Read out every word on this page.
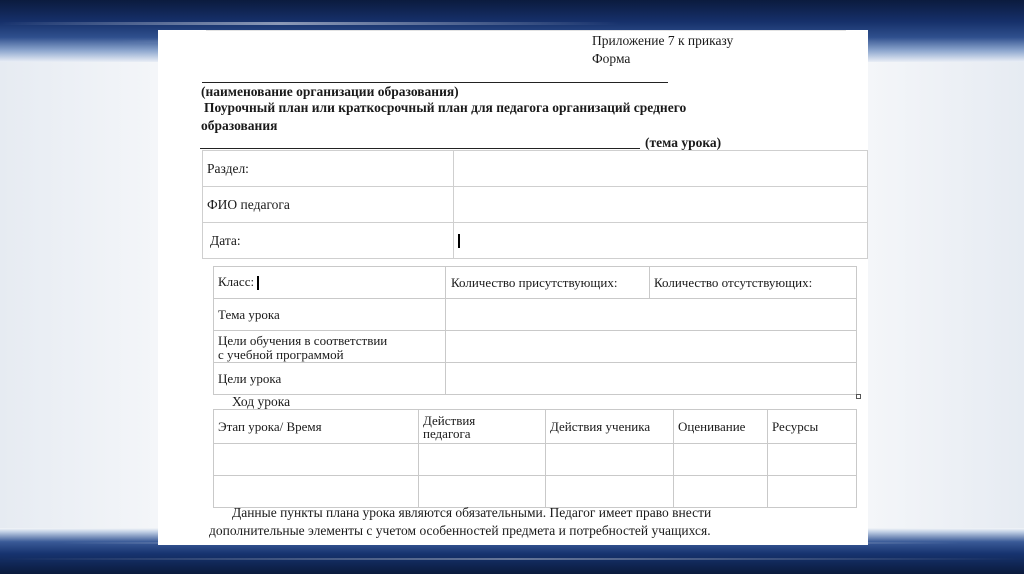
Приложение 7 к приказу
Форма
(наименование организации образования)
Поурочный план или краткосрочный план для педагога организаций среднего
образования
(тема урока)
Раздел:	
ФИО педагога	
Дата:	
Класс:	Количество присутствующих:	Количество отсутствующих:
Тема урока		
Цели обучения в соответствии
с учебной программой		
Цели урока		
Ход урока
Этап урока/ Время	Действия педагога	Действия ученика	Оценивание	Ресурсы

Данные пункты плана урока являются обязательными. Педагог имеет право внести
дополнительные элементы с учетом особенностей предмета и потребностей учащихся.
